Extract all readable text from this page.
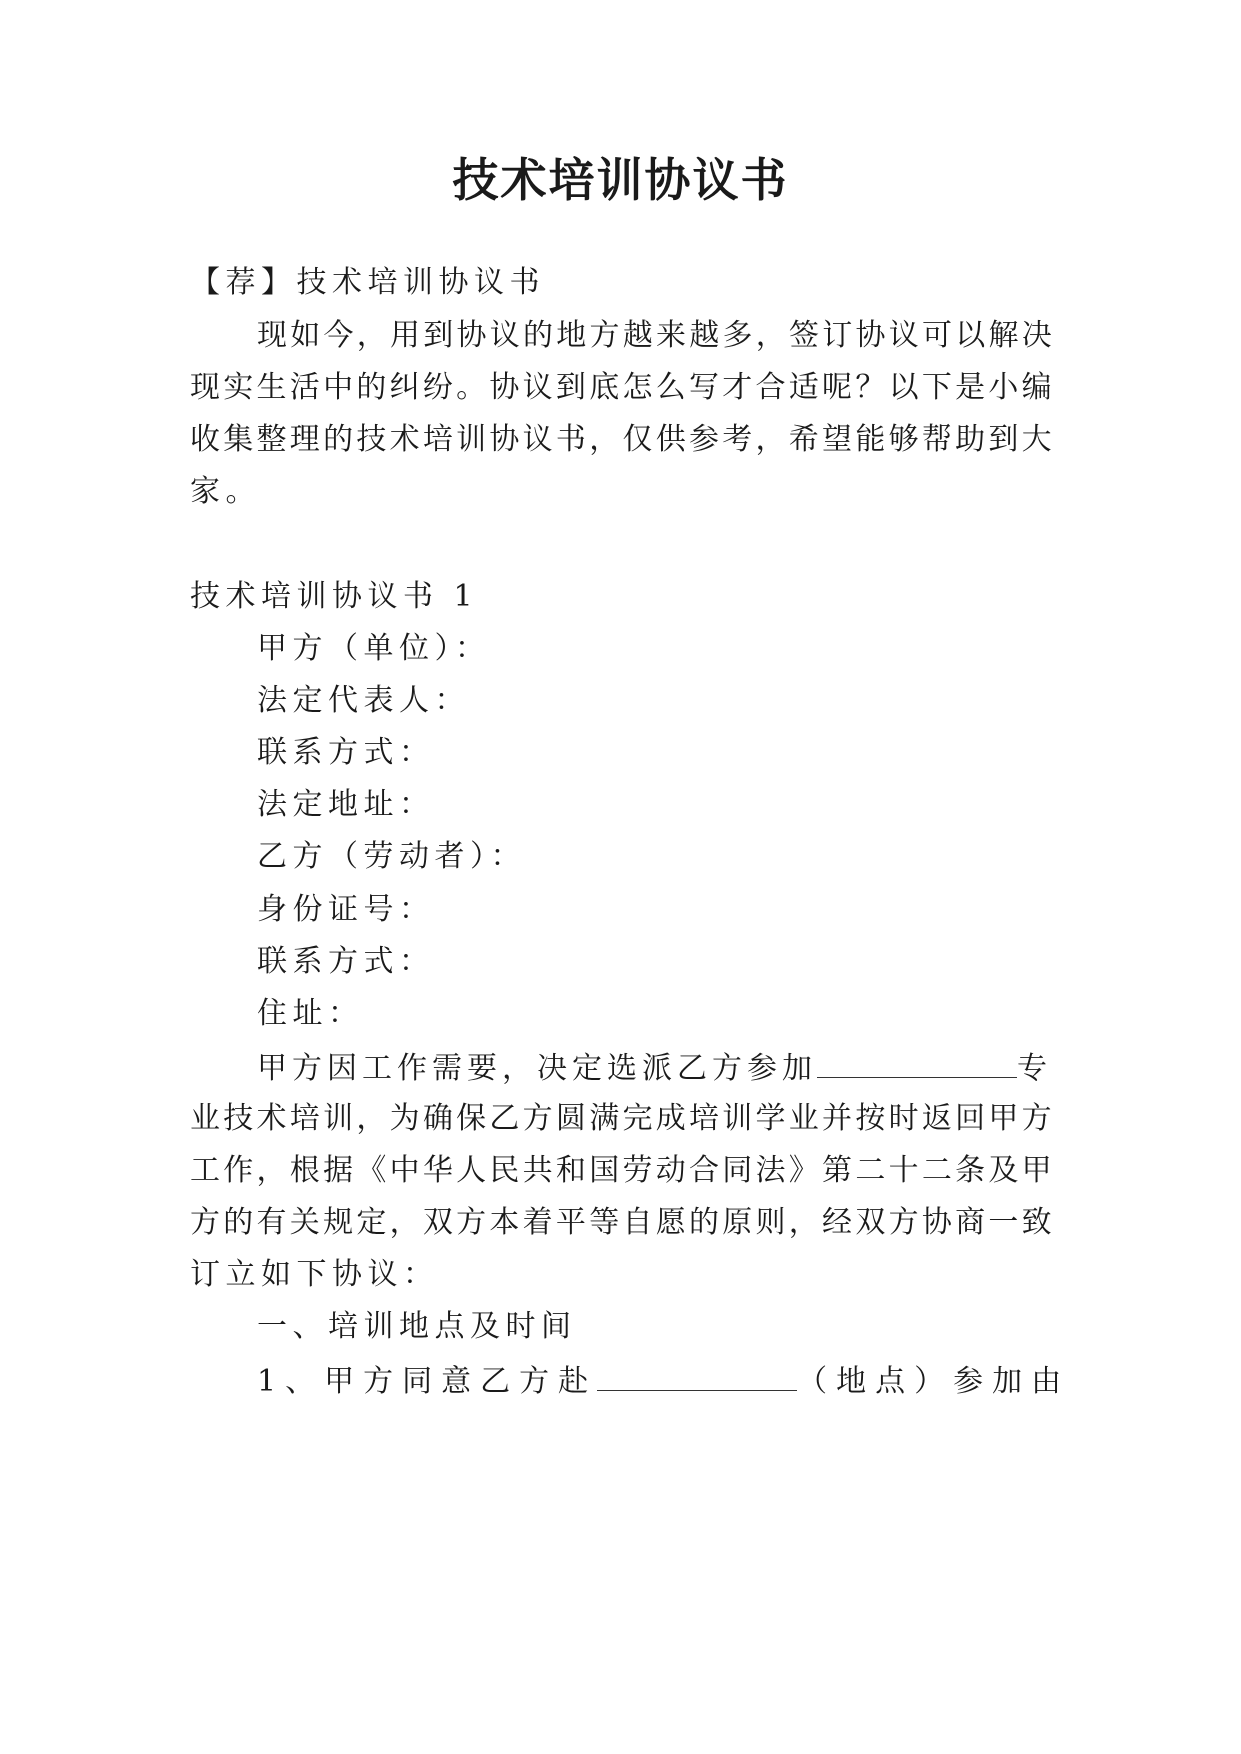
技术培训协议书
【荐】技术培训协议书
现 如 今 ， 用 到 协 议 的 地 方 越 来 越 多 ， 签 订 协 议 可 以 解 决
现 实 生 活 中 的 纠 纷 。 协 议 到 底 怎 么 写 才 合 适 呢 ？ 以 下 是 小 编
收 集 整 理 的 技 术 培 训 协 议 书 ， 仅 供 参 考 ， 希 望 能 够 帮 助 到 大
家。
技术培训协议书 1
甲方（单位）：
法定代表人：
联系方式：
法定地址：
乙方（劳动者）：
身份证号：
联系方式：
住址：
甲方因工作需要，决定选派乙方参加	专
业 技 术 培 训 ， 为 确 保 乙 方 圆 满 完 成 培 训 学 业 并 按 时 返 回 甲 方
工 作 ， 根 据 《 中 华 人 民 共 和 国 劳 动 合 同 法 》 第 二 十 二 条 及 甲
方 的 有 关 规 定 ， 双 方 本 着 平 等 自 愿 的 原 则 ， 经 双 方 协 商 一 致
订立如下协议：
一、培训地点及时间
1、甲方同意乙方赴	（地点）参加由
